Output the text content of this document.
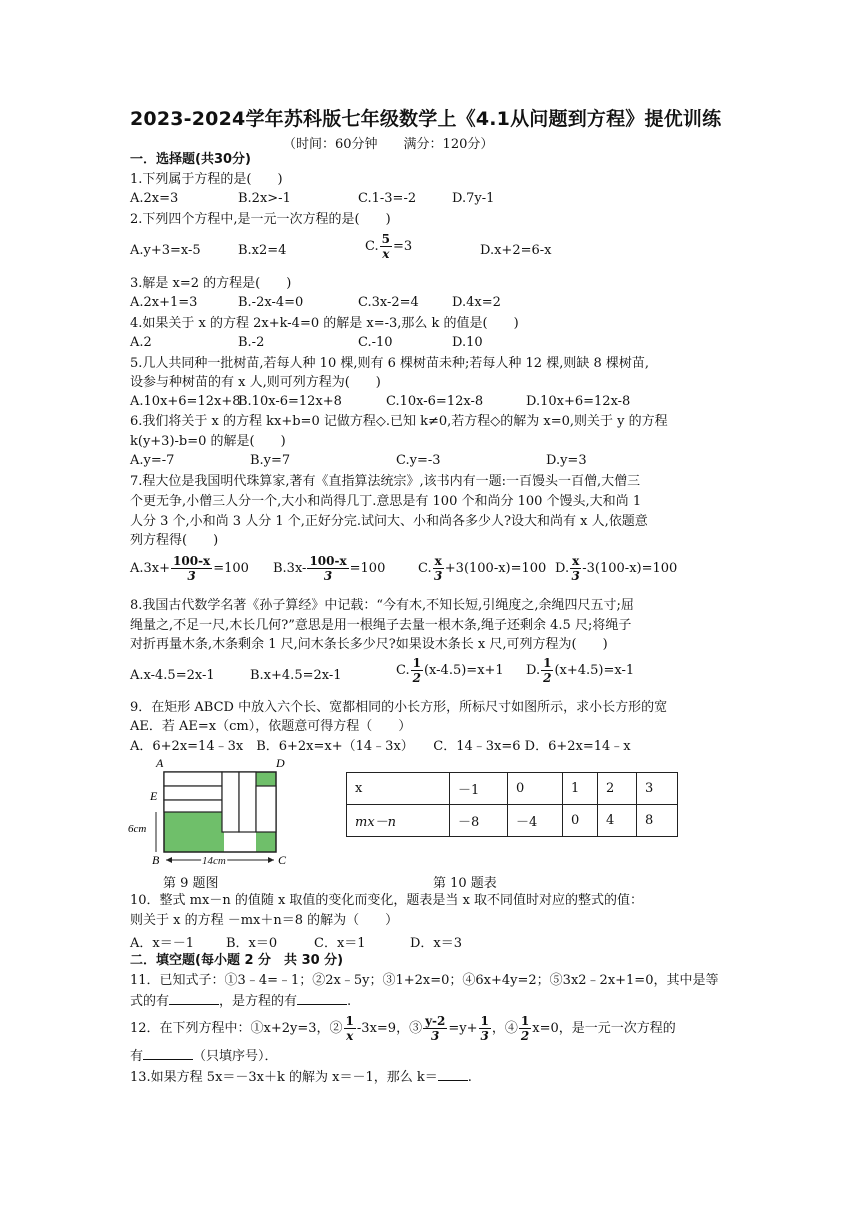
2023-2024学年苏科版七年级数学上《4.1从问题到方程》提优训练
（时间：60分钟　　满分：120分）
一．选择题(共30分)
1.下列属于方程的是(　　)
A.2x=3	B.2x>-1	C.1-3=-2	D.7y-1
2.下列四个方程中,是一元一次方程的是(　　)
A.y+3=x-5	B.x2=4	C. $\frac{5}{x} =3$	D.x+2=6-x
3.解是 x=2 的方程是(　　)
A.2x+1=3	B.-2x-4=0	C.3x-2=4	D.4x=2
4.如果关于 x 的方程 2x+k-4=0 的解是 x=-3,那么 k 的值是(　　)
A.2	B.-2	C.-10	D.10
5.几人共同种一批树苗,若每人种 10 棵,则有 6 棵树苗未种;若每人种 12 棵,则缺 8 棵树苗,
设参与种树苗的有 x 人,则可列方程为(　　)
A.10x+6=12x+8
B.10x-6=12x+8	C.10x-6=12x-8	D.10x+6=12x-8
6.我们将关于 x 的方程 kx+b=0 记做方程◇.已知 k≠0,若方程◇的解为 x=0,则关于 y 的方程
k(y+3)-b=0 的解是(　　)
A.y=-7	B.y=7	C.y=-3	D.y=3
7.程大位是我国明代珠算家,著有《直指算法统宗》,该书内有一题:一百馒头一百僧,大僧三
个更无争,小僧三人分一个,大小和尚得几丁.意思是有 100 个和尚分 100 个馒头,大和尚 1
人分 3 个,小和尚 3 人分 1 个,正好分完.试问大、小和尚各多少人?设大和尚有 x 人,依题意
列方程得(　　)
$A.3x+ \frac{100-x}{3} =100$ $B.3x- \frac{100-x}{3} =100$	C. $\frac{x}{3} +3(100-x)=100$ D. $\frac{x}{3} -3(100-x)=100$
8.我国古代数学名著《孙子算经》中记载：“今有木,不知长短,引绳度之,余绳四尺五寸;屈
绳量之,不足一尺,木长几何?”意思是用一根绳子去量一根木条,绳子还剩余 4.5 尺;将绳子
对折再量木条,木条剩余 1 尺,问木条长多少尺?如果设木条长 x 尺,可列方程为(　　)
A.x-4.5=2x-1	B.x+4.5=2x-1	C. $\frac{1}{2} (x-4.5)=x+1$ D. $\frac{1}{2} (x+4.5)=x-1$
9．在矩形 ABCD 中放入六个长、宽都相同的小长方形，所标尺寸如图所示，求小长方形的宽
AE．若 AE=x（cm），依题意可得方程（　　）
A．6+2x=14﹣3x　B．6+2x=x+（14﹣3x）　　C．14﹣3x=6 D．6+2x=14﹣x
A	D
E
B	C
6cm
14cm
第 9 题图
x	－1	0	1	2	3
mx－n	－8	－4	0	4	8
第 10 题表
10．整式 mx－n 的值随 x 取值的变化而变化，题表是当 x 取不同值时对应的整式的值：
则关于 x 的方程 －mx＋n＝8 的解为（　　）
A．x＝－1 B．x＝0	C．x＝1	D．x＝3
二．填空题(每小题 2 分　共 30 分)
11．已知式子：①3﹣4=﹣1；②2x﹣5y；③1+2x=0；④6x+4y=2；⑤3x2﹣2x+1=0，其中是等
式的有	，是方程的有	.
12．在下列方程中：①x+2y=3，② $\frac{1}{x} -3x=9$，③ $\frac{y-2}{3} =y+ \frac{1}{3}$ ，④ $\frac{1}{2} x=0$，是一元一次方程的
有	（只填序号）．
13.如果方程 5x＝－3x＋k 的解为 x＝－1，那么 k＝ .
